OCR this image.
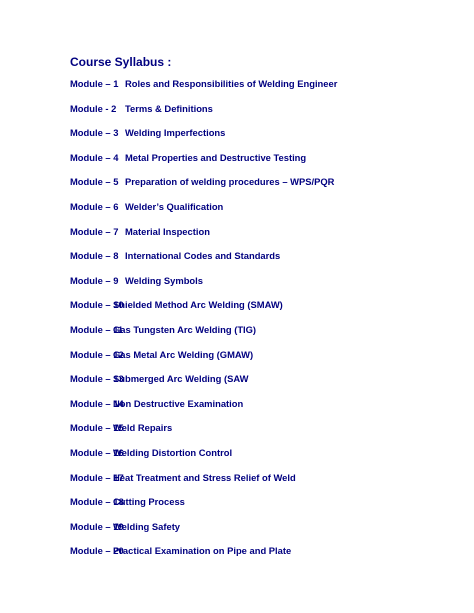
Course Syllabus :
Module – 1 Roles and Responsibilities of Welding Engineer
Module - 2 Terms & Definitions
Module – 3 Welding Imperfections
Module – 4 Metal Properties and Destructive Testing
Module – 5 Preparation of welding procedures – WPS/PQR
Module – 6 Welder’s Qualification
Module – 7 Material Inspection
Module – 8 International Codes and Standards
Module – 9 Welding Symbols
Module – 10
Shielded Method Arc Welding (SMAW)
Module – 11
Gas Tungsten Arc Welding (TIG)
Module – 12
Gas Metal Arc Welding (GMAW)
Module – 13
Submerged Arc Welding (SAW
Module – 14
Non Destructive Examination
Module – 15
Weld Repairs
Module – 16
Welding Distortion Control
Module – 17
Heat Treatment and Stress Relief of Weld
Module – 18
Cutting Process
Module – 19
Welding Safety
Module – 20
Practical Examination on Pipe and Plate
